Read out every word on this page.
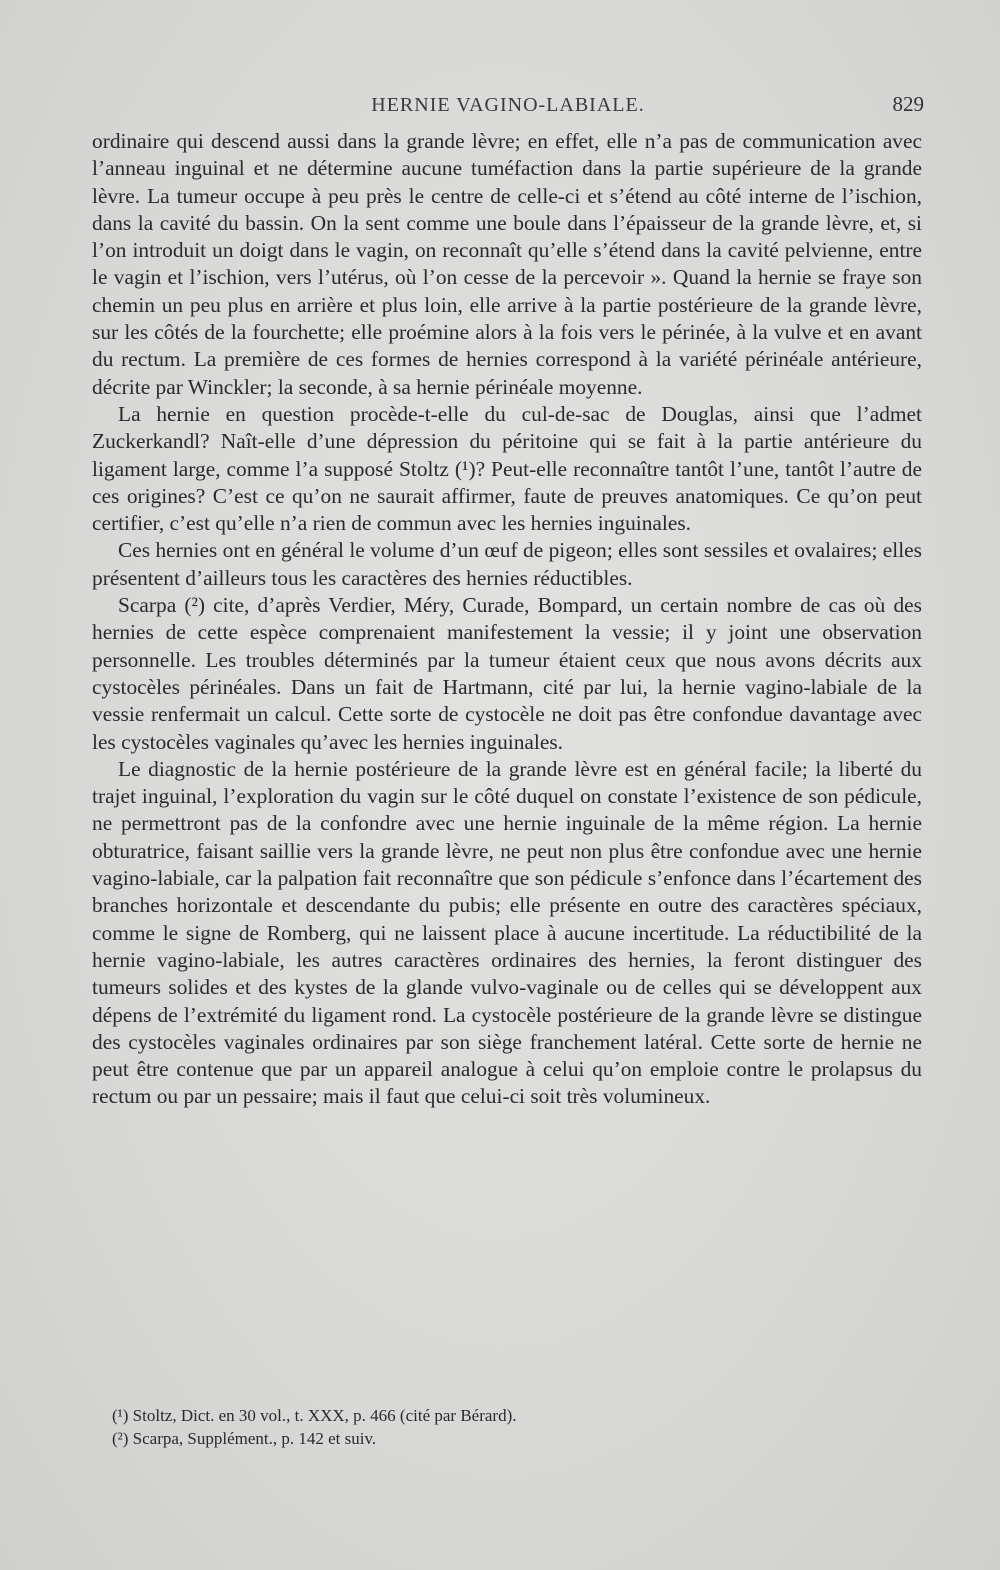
HERNIE VAGINO-LABIALE.	829

ordinaire qui descend aussi dans la grande lèvre; en effet, elle n’a pas de communication avec l’anneau inguinal et ne détermine aucune tuméfaction dans la partie supérieure de la grande lèvre. La tumeur occupe à peu près le centre de celle-ci et s’étend au côté interne de l’ischion, dans la cavité du bassin. On la sent comme une boule dans l’épaisseur de la grande lèvre, et, si l’on introduit un doigt dans le vagin, on reconnaît qu’elle s’étend dans la cavité pelvienne, entre le vagin et l’ischion, vers l’utérus, où l’on cesse de la percevoir ». Quand la hernie se fraye son chemin un peu plus en arrière et plus loin, elle arrive à la partie postérieure de la grande lèvre, sur les côtés de la fourchette; elle proémine alors à la fois vers le périnée, à la vulve et en avant du rectum. La première de ces formes de hernies correspond à la variété périnéale antérieure, décrite par Winckler; la seconde, à sa hernie périnéale moyenne.

La hernie en question procède-t-elle du cul-de-sac de Douglas, ainsi que l’admet Zuckerkandl? Naît-elle d’une dépression du péritoine qui se fait à la partie antérieure du ligament large, comme l’a supposé Stoltz (¹)? Peut-elle reconnaître tantôt l’une, tantôt l’autre de ces origines? C’est ce qu’on ne saurait affirmer, faute de preuves anatomiques. Ce qu’on peut certifier, c’est qu’elle n’a rien de commun avec les hernies inguinales.

Ces hernies ont en général le volume d’un œuf de pigeon; elles sont sessiles et ovalaires; elles présentent d’ailleurs tous les caractères des hernies réductibles.

Scarpa (²) cite, d’après Verdier, Méry, Curade, Bompard, un certain nombre de cas où des hernies de cette espèce comprenaient manifestement la vessie; il y joint une observation personnelle. Les troubles déterminés par la tumeur étaient ceux que nous avons décrits aux cystocèles périnéales. Dans un fait de Hartmann, cité par lui, la hernie vagino-labiale de la vessie renfermait un calcul. Cette sorte de cystocèle ne doit pas être confondue davantage avec les cystocèles vaginales qu’avec les hernies inguinales.

Le diagnostic de la hernie postérieure de la grande lèvre est en général facile; la liberté du trajet inguinal, l’exploration du vagin sur le côté duquel on constate l’existence de son pédicule, ne permettront pas de la confondre avec une hernie inguinale de la même région. La hernie obturatrice, faisant saillie vers la grande lèvre, ne peut non plus être confondue avec une hernie vagino-labiale, car la palpation fait reconnaître que son pédicule s’enfonce dans l’écartement des branches horizontale et descendante du pubis; elle présente en outre des caractères spéciaux, comme le signe de Romberg, qui ne laissent place à aucune incertitude. La réductibilité de la hernie vagino-labiale, les autres caractères ordinaires des hernies, la feront distinguer des tumeurs solides et des kystes de la glande vulvo-vaginale ou de celles qui se développent aux dépens de l’extrémité du ligament rond. La cystocèle postérieure de la grande lèvre se distingue des cystocèles vaginales ordinaires par son siège franchement latéral. Cette sorte de hernie ne peut être contenue que par un appareil analogue à celui qu’on emploie contre le prolapsus du rectum ou par un pessaire; mais il faut que celui-ci soit très volumineux.

(¹) Stoltz, Dict. en 30 vol., t. XXX, p. 466 (cité par Bérard).
(²) Scarpa, Supplément., p. 142 et suiv.
